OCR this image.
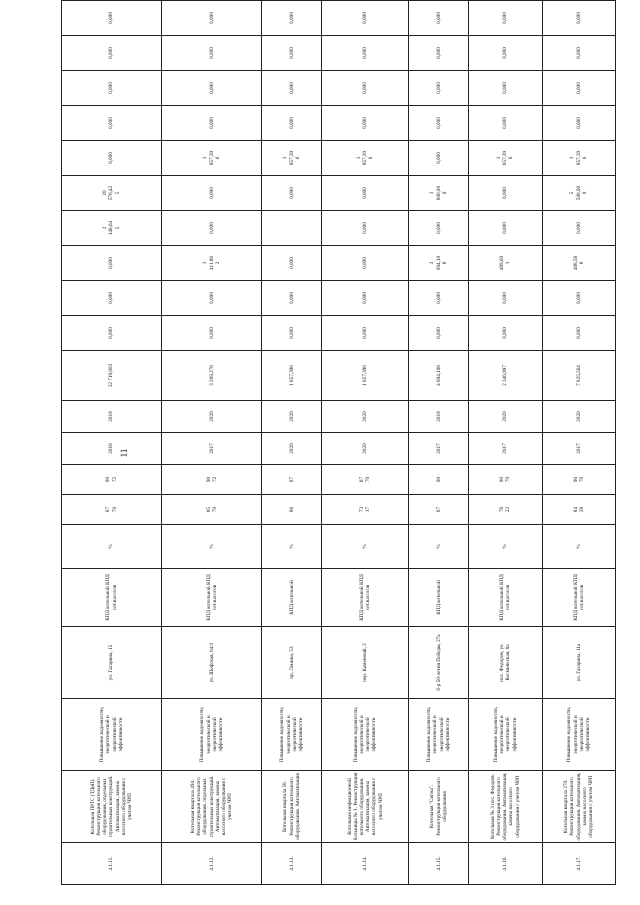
11
4.1.11.	Котельная ПРТС (ТДиП). Реконструкция котельного оборудования, отдельных строительных конструкций. Автоматизация, замена насосного оборудования с учетом ЧРП	Повышение надежности, энергетической и энергетической эффективности	ул. Гагарина, 15	КПД котельной КПД сет.насосов	%	87
70	90
72	2018	2019	32 719,803	0,000	0,000	0,000	2
148,64
5	20
576,42
5	0,000	0,000	0,000	0,000	0,000	
4.1.12.	Котельная квартала 494. Реконструкция котельного оборудования, отдельных строительных конструкций. Автоматизация, замена насосного оборудования с учетом ЧРП	Повышение надежности, энергетической и энергетической эффективности	ул. Шефская, 84/1	КПД котельной КПД сет.насосов	%	85
70	90
72	2017	2020	3 269,278	0,000	0,000	1
411,88
2	0,000	0,000	1
857,39
6	0,000	0,000	0,000	0,000	
4.1.13.	Котельная квартала 58. Реконструкция котельного оборудования. Автоматизация	Повышение надежности, энергетической и энергетической эффективности	пр. Ленина, 53	КПД котельной	%	86	87	2020	2020	1 857,396	0,000	0,000	0,000		0,000	1
857,39
6	0,000	0,000	0,000	0,000	
4.1.14.	Котельная инфекционной больницы № 1. Реконструкция котельного оборудования. Автоматизация, замена насосного оборудования с учетом ЧРП	Повышение надежности, энергетической и энергетической эффективности	пер. Каменный, 2	КПД котельной КПД сет.насосов	%	73
17	87
70	2020	2020	1 857,396	0,000	0,000	0,000	0,000	0,000	1
857,39
6	0,000	0,000	0,000	0,000	
4.1.15.	Котельная "Сигма". Реконструкция котельного оборудования	Повышение надежности, энергетической и энергетической эффективности	б-р 50-летия Победы, 27а	КПД котельной	%	87	90	2017	2019	4 894,108	0,000	0,000	3
094,10
8	0,000	1
800,00
0	0,000	0,000	0,000	0,000	0,000	
4.1.16.	Котельная № 3 пос. Федоров. Реконструкция котельного оборудования. Автоматизация, замена насосного оборудования с учетом ЧРП	Повышение надежности, энергетической и энергетической эффективности	пос. Федоров, ул. Космическая, 8а	КПД котельной КПД сет.насосов	%	78
22	90
70	2017	2020	2 346,997	0,000	0,000	489,60
1	0,000	0,000	1
857,39
6	0,000	0,000	0,000	0,000	
4.1.17.	Котельная квартала 270. Реконструкция котельного оборудования. Автоматизация, замена насосного оборудования с учетом ЧРП	Повышение надежности, энергетической и энергетической эффективности	ул. Гагарина, 11а	КПД котельной КПД сет.насосов	%	84
28	90
70	2017	2020	7 825,564	0,000	0,000	468,58
8	0,000	5
500,00
0	1
857,39
6	0,000	0,000	0,000	0,000	
